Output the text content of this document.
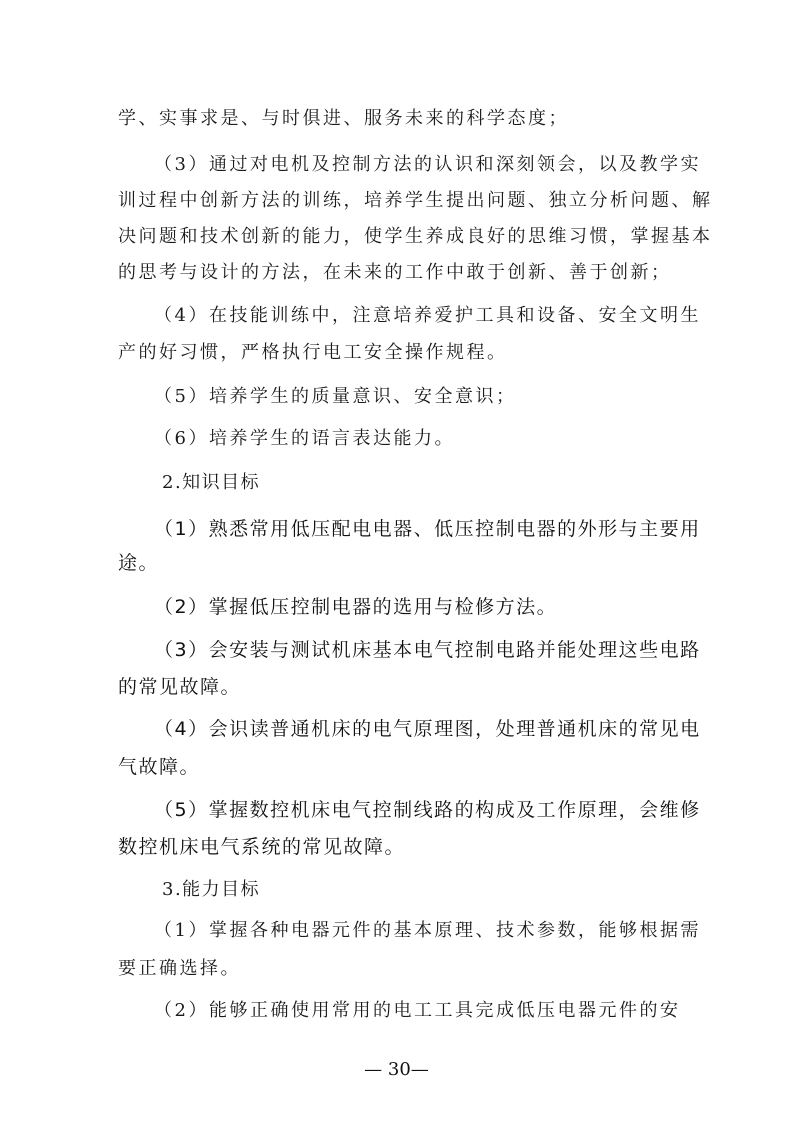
学、实事求是、与时俱进、服务未来的科学态度；
（3）通过对电机及控制方法的认识和深刻领会，以及教学实
训过程中创新方法的训练，培养学生提出问题、独立分析问题、解
决问题和技术创新的能力，使学生养成良好的思维习惯，掌握基本
的思考与设计的方法，在未来的工作中敢于创新、善于创新；
（4）在技能训练中，注意培养爱护工具和设备、安全文明生
产的好习惯，严格执行电工安全操作规程。
（5）培养学生的质量意识、安全意识；
（6）培养学生的语言表达能力。
2.知识目标
（1）熟悉常用低压配电电器、低压控制电器的外形与主要用
途。
（2）掌握低压控制电器的选用与检修方法。
（3）会安装与测试机床基本电气控制电路并能处理这些电路
的常见故障。
（4）会识读普通机床的电气原理图，处理普通机床的常见电
气故障。
（5）掌握数控机床电气控制线路的构成及工作原理，会维修
数控机床电气系统的常见故障。
3.能力目标
（1）掌握各种电器元件的基本原理、技术参数，能够根据需
要正确选择。
（2）能够正确使用常用的电工工具完成低压电器元件的安
— 30—
